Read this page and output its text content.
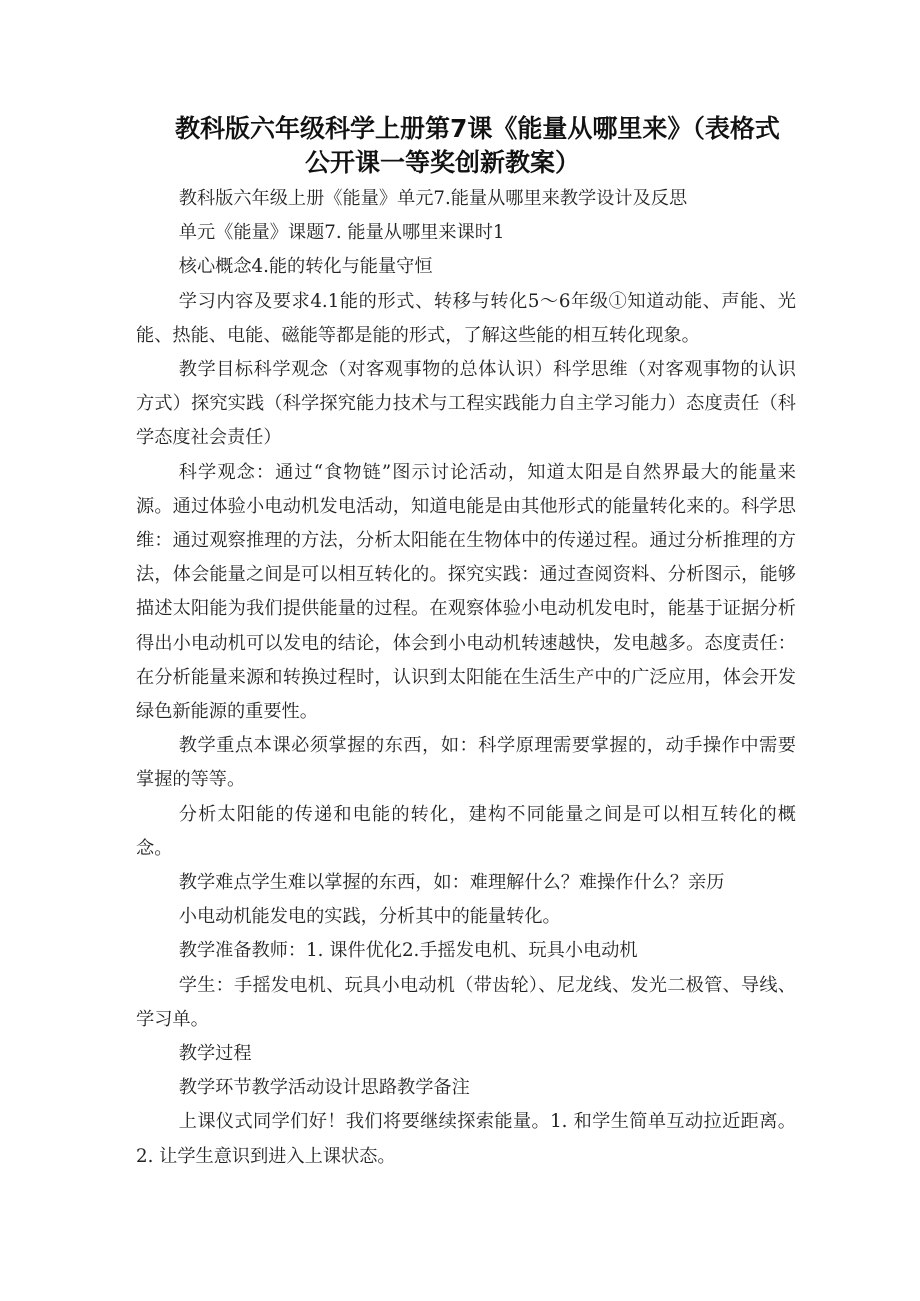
教科版六年级科学上册第7课《能量从哪里来》（表格式
公开课一等奖创新教案）

教科版六年级上册《能量》单元7.能量从哪里来教学设计及反思

单元《能量》课题7. 能量从哪里来课时1

核心概念4.能的转化与能量守恒

学习内容及要求4.1能的形式、转移与转化5～6年级①知道动能、声能、光能、热能、电能、磁能等都是能的形式，了解这些能的相互转化现象。

教学目标科学观念（对客观事物的总体认识）科学思维（对客观事物的认识方式）探究实践（科学探究能力技术与工程实践能力自主学习能力）态度责任（科学态度社会责任）

科学观念：通过“食物链”图示讨论活动，知道太阳是自然界最大的能量来源。通过体验小电动机发电活动，知道电能是由其他形式的能量转化来的。科学思维：通过观察推理的方法，分析太阳能在生物体中的传递过程。通过分析推理的方法，体会能量之间是可以相互转化的。探究实践：通过查阅资料、分析图示，能够描述太阳能为我们提供能量的过程。在观察体验小电动机发电时，能基于证据分析得出小电动机可以发电的结论，体会到小电动机转速越快，发电越多。态度责任：在分析能量来源和转换过程时，认识到太阳能在生活生产中的广泛应用，体会开发绿色新能源的重要性。

教学重点本课必须掌握的东西，如：科学原理需要掌握的，动手操作中需要掌握的等等。

分析太阳能的传递和电能的转化，建构不同能量之间是可以相互转化的概念。

教学难点学生难以掌握的东西，如：难理解什么？难操作什么？亲历

小电动机能发电的实践，分析其中的能量转化。

教学准备教师：1. 课件优化2.手摇发电机、玩具小电动机

学生：手摇发电机、玩具小电动机（带齿轮）、尼龙线、发光二极管、导线、学习单。

教学过程

教学环节教学活动设计思路教学备注

上课仪式同学们好！我们将要继续探索能量。1. 和学生简单互动拉近距离。2. 让学生意识到进入上课状态。
